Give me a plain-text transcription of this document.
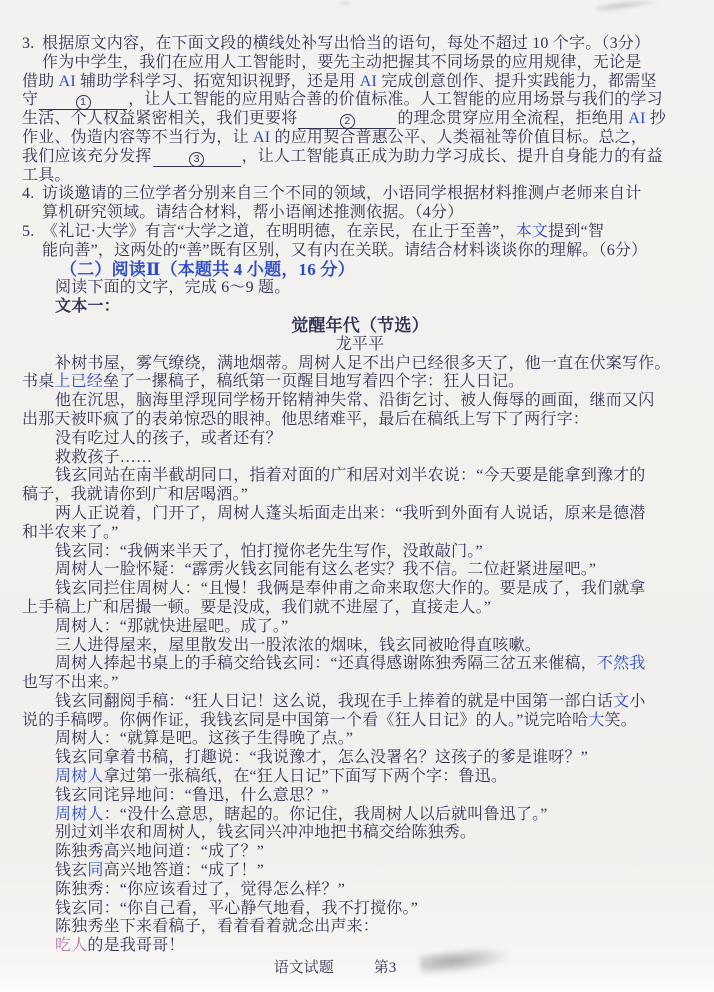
3. 根据原文内容，在下面文段的横线处补写出恰当的语句，每处不超过 10 个字。（3分）
作为中学生，我们在应用人工智能时，要先主动把握其不同场景的应用规律，无论是
借助 AI 辅助学科学习、拓宽知识视野，还是用 AI 完成创意创作、提升实践能力，都需坚
守	1	，让人工智能的应用贴合善的价值标准。人工智能的应用场景与我们的学习
生活、个人权益紧密相关，我们更要将	2	的理念贯穿应用全流程，拒绝用 AI 抄
作业、伪造内容等不当行为，让 AI 的应用契合普惠公平、人类福祉等价值目标。总之，
我们应该充分发挥	3	，让人工智能真正成为助力学习成长、提升自身能力的有益
工具。
4. 访谈邀请的三位学者分别来自三个不同的领域，小语同学根据材料推测卢老师来自计
算机研究领域。请结合材料，帮小语阐述推测依据。（4分）
5. 《礼记·大学》有言“大学之道，在明明德，在亲民，在止于至善”，本文提到“智
能向善”，这两处的“善”既有区别，又有内在关联。请结合材料谈谈你的理解。（6分）
（二）阅读Ⅱ（本题共 4 小题，16 分）
阅读下面的文字，完成 6～9 题。
文本一：
觉醒年代（节选）
龙平平
补树书屋，雾气缭绕，满地烟蒂。周树人足不出户已经很多天了，他一直在伏案写作。
书桌上已经垒了一摞稿子，稿纸第一页醒目地写着四个字：狂人日记。
他在沉思，脑海里浮现同学杨开铭精神失常、沿街乞讨、被人侮辱的画面，继而又闪
出那天被吓疯了的表弟惊恐的眼神。他思绪难平，最后在稿纸上写下了两行字：
没有吃过人的孩子，或者还有？
救救孩子……
钱玄同站在南半截胡同口，指着对面的广和居对刘半农说：“今天要是能拿到豫才的
稿子，我就请你到广和居喝酒。”
两人正说着，门开了，周树人蓬头垢面走出来：“我听到外面有人说话，原来是德潜
和半农来了。”
钱玄同：“我俩来半天了，怕打搅你老先生写作，没敢敲门。”
周树人一脸怀疑：“霹雳火钱玄同能有这么老实？我不信。二位赶紧进屋吧。”
钱玄同拦住周树人：“且慢！我俩是奉仲甫之命来取您大作的。要是成了，我们就拿
上手稿上广和居撮一顿。要是没成，我们就不进屋了，直接走人。”
周树人：“那就快进屋吧。成了。”
三人进得屋来，屋里散发出一股浓浓的烟味，钱玄同被呛得直咳嗽。
周树人捧起书桌上的手稿交给钱玄同：“还真得感谢陈独秀隔三岔五来催稿，不然我
也写不出来。”
钱玄同翻阅手稿：“狂人日记！这么说，我现在手上捧着的就是中国第一部白话文小
说的手稿啰。你俩作证，我钱玄同是中国第一个看《狂人日记》的人。”说完哈哈大笑。
周树人：“就算是吧。这孩子生得晚了点。”
钱玄同拿着书稿，打趣说：“我说豫才，怎么没署名？这孩子的爹是谁呀？”
周树人拿过第一张稿纸，在“狂人日记”下面写下两个字：鲁迅。
钱玄同诧异地问：“鲁迅，什么意思？”
周树人：“没什么意思，瞎起的。你记住，我周树人以后就叫鲁迅了。”
别过刘半农和周树人，钱玄同兴冲冲地把书稿交给陈独秀。
陈独秀高兴地问道：“成了？”
钱玄同高兴地答道：“成了！”
陈独秀：“你应该看过了，觉得怎么样？”
钱玄同：“你自己看，平心静气地看，我不打搅你。”
陈独秀坐下来看稿子，看着看着就念出声来：
吃人的是我哥哥！
语文试题	第3
